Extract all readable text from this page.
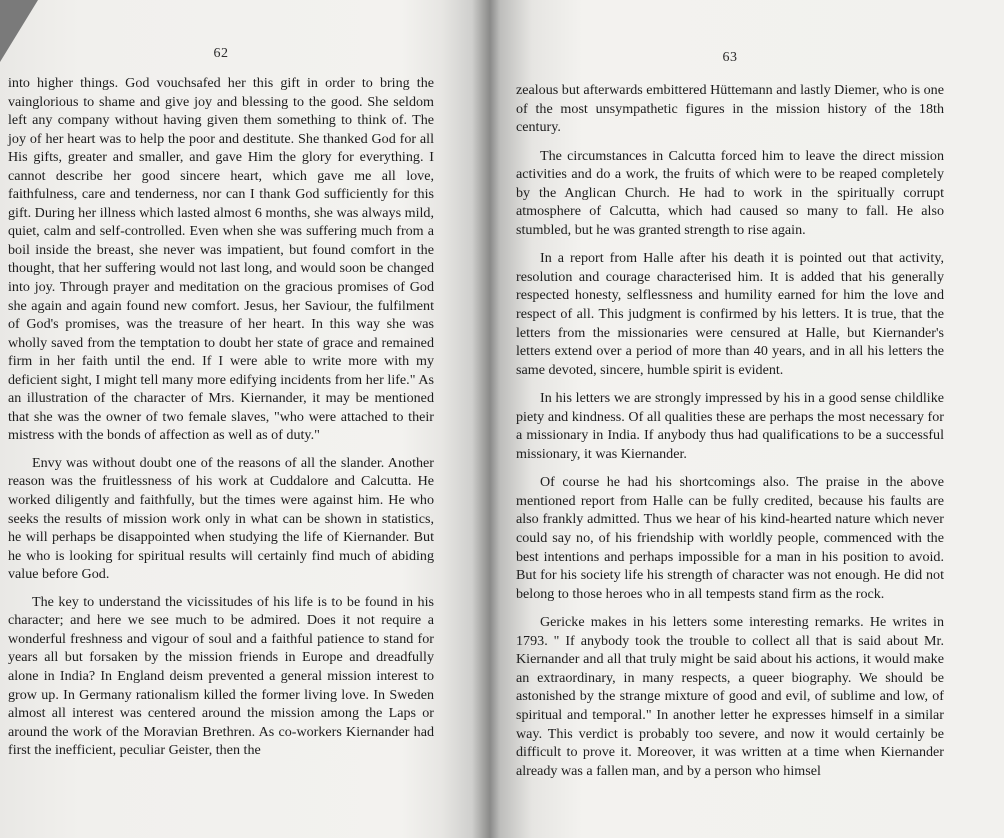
62

into higher things. God vouchsafed her this gift in order to bring the vainglorious to shame and give joy and blessing to the good. She seldom left any company without having given them something to think of. The joy of her heart was to help the poor and destitute. She thanked God for all His gifts, greater and smaller, and gave Him the glory for everything. I cannot describe her good sincere heart, which gave me all love, faithfulness, care and tenderness, nor can I thank God sufficiently for this gift. During her illness which lasted almost 6 months, she was always mild, quiet, calm and self-controlled. Even when she was suffering much from a boil inside the breast, she never was impatient, but found comfort in the thought, that her suffering would not last long, and would soon be changed into joy. Through prayer and meditation on the gracious promises of God she again and again found new comfort. Jesus, her Saviour, the fulfilment of God's promises, was the treasure of her heart. In this way she was wholly saved from the temptation to doubt her state of grace and remained firm in her faith until the end. If I were able to write more with my deficient sight, I might tell many more edifying incidents from her life." As an illustration of the character of Mrs. Kiernander, it may be mentioned that she was the owner of two female slaves, "who were attached to their mistress with the bonds of affection as well as of duty."

Envy was without doubt one of the reasons of all the slander. Another reason was the fruitlessness of his work at Cuddalore and Calcutta. He worked diligently and faithfully, but the times were against him. He who seeks the results of mission work only in what can be shown in statistics, he will perhaps be disappointed when studying the life of Kiernander. But he who is looking for spiritual results will certainly find much of abiding value before God.

The key to understand the vicissitudes of his life is to be found in his character; and here we see much to be admired. Does it not require a wonderful freshness and vigour of soul and a faithful patience to stand for years all but forsaken by the mission friends in Europe and dreadfully alone in India? In England deism prevented a general mission interest to grow up. In Germany rationalism killed the former living love. In Sweden almost all interest was centered around the mission among the Laps or around the work of the Moravian Brethren. As co-workers Kiernander had first the inefficient, peculiar Geister, then the

63

zealous but afterwards embittered Hüttemann and lastly Diemer, who is one of the most unsympathetic figures in the mission history of the 18th century.

The circumstances in Calcutta forced him to leave the direct mission activities and do a work, the fruits of which were to be reaped completely by the Anglican Church. He had to work in the spiritually corrupt atmosphere of Calcutta, which had caused so many to fall. He also stumbled, but he was granted strength to rise again.

In a report from Halle after his death it is pointed out that activity, resolution and courage characterised him. It is added that his generally respected honesty, selflessness and humility earned for him the love and respect of all. This judgment is confirmed by his letters. It is true, that the letters from the missionaries were censured at Halle, but Kiernander's letters extend over a period of more than 40 years, and in all his letters the same devoted, sincere, humble spirit is evident.

In his letters we are strongly impressed by his in a good sense childlike piety and kindness. Of all qualities these are perhaps the most necessary for a missionary in India. If anybody thus had qualifications to be a successful missionary, it was Kiernander.

Of course he had his shortcomings also. The praise in the above mentioned report from Halle can be fully credited, because his faults are also frankly admitted. Thus we hear of his kind-hearted nature which never could say no, of his friendship with worldly people, commenced with the best intentions and perhaps impossible for a man in his position to avoid. But for his society life his strength of character was not enough. He did not belong to those heroes who in all tempests stand firm as the rock.

Gericke makes in his letters some interesting remarks. He writes in 1793. " If anybody took the trouble to collect all that is said about Mr. Kiernander and all that truly might be said about his actions, it would make an extraordinary, in many respects, a queer biography. We should be astonished by the strange mixture of good and evil, of sublime and low, of spiritual and temporal." In another letter he expresses himself in a similar way. This verdict is probably too severe, and now it would certainly be difficult to prove it. Moreover, it was written at a time when Kiernander already was a fallen man, and by a person who himsel
